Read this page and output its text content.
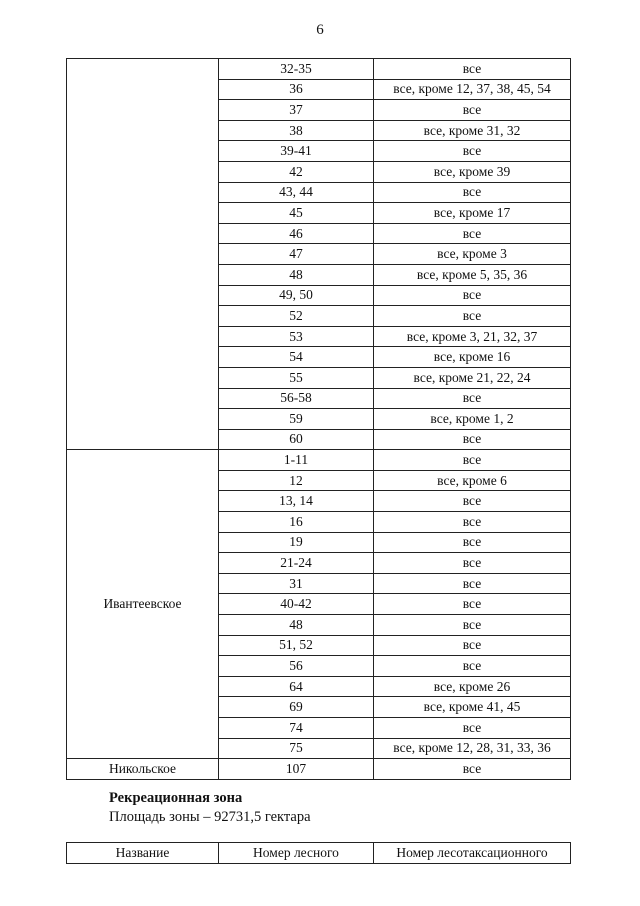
6
	32-35	все
	36	все, кроме 12, 37, 38, 45, 54
	37	все
	38	все, кроме 31, 32
	39-41	все
	42	все, кроме 39
	43, 44	все
	45	все, кроме 17
	46	все
	47	все, кроме 3
	48	все, кроме 5, 35, 36
	49, 50	все
	52	все
	53	все, кроме 3, 21, 32, 37
	54	все, кроме 16
	55	все, кроме 21, 22, 24
	56-58	все
	59	все, кроме 1, 2
	60	все
Ивантеевское	1-11	все
	12	все, кроме 6
	13, 14	все
	16	все
	19	все
	21-24	все
	31	все
	40-42	все
	48	все
	51, 52	все
	56	все
	64	все, кроме 26
	69	все, кроме 41, 45
	74	все
	75	все, кроме 12, 28, 31, 33, 36
Никольское	107	все
Рекреационная зона
Площадь зоны – 92731,5 гектара
Название	Номер лесного	Номер лесотаксационного
